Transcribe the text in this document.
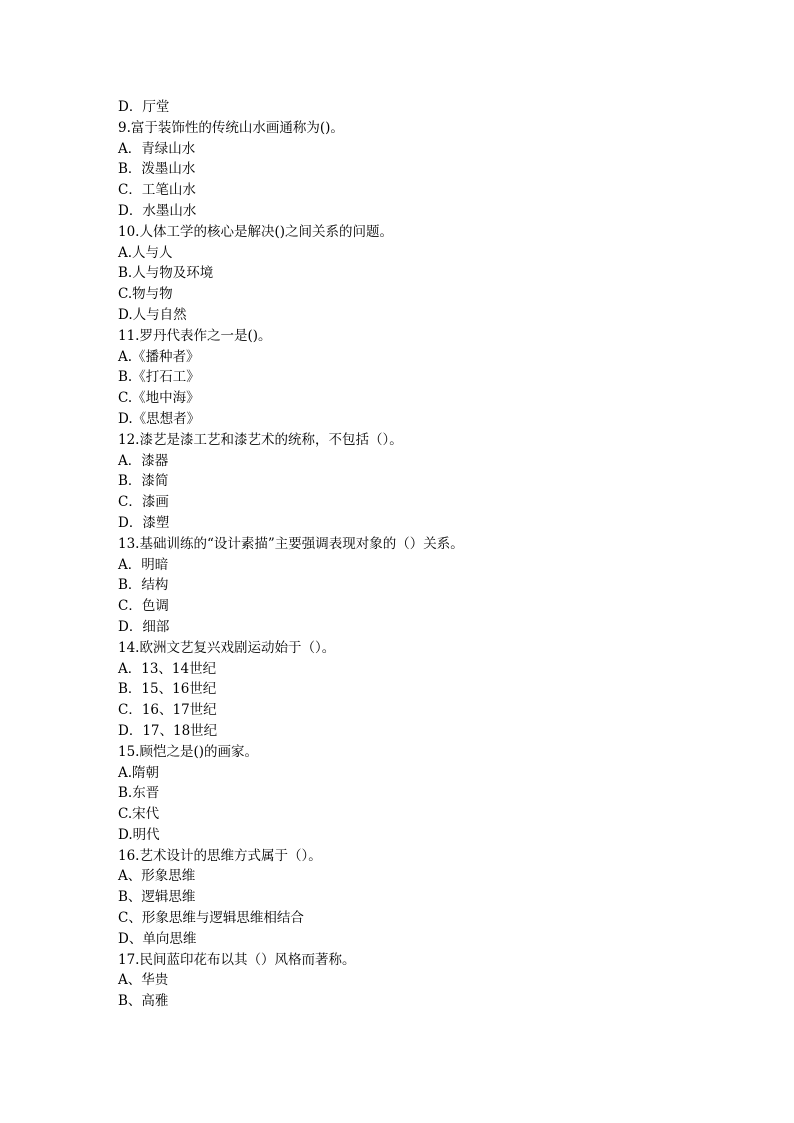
D．厅堂
9.富于装饰性的传统山水画通称为()。
A．青绿山水
B．泼墨山水
C．工笔山水
D．水墨山水
10.人体工学的核心是解决()之间关系的问题。
A.人与人
B.人与物及环境
C.物与物
D.人与自然
11.罗丹代表作之一是()。
A.《播种者》
B.《打石工》
C.《地中海》
D.《思想者》
12.漆艺是漆工艺和漆艺术的统称，不包括（）。
A．漆器
B．漆简
C．漆画
D．漆塑
13.基础训练的“设计素描”主要强调表现对象的（）关系。
A．明暗
B．结构
C．色调
D．细部
14.欧洲文艺复兴戏剧运动始于（）。
A．13、14世纪
B．15、16世纪
C．16、17世纪
D．17、18世纪
15.顾恺之是()的画家。
A.隋朝
B.东晋
C.宋代
D.明代
16.艺术设计的思维方式属于（）。
A、形象思维
B、逻辑思维
C、形象思维与逻辑思维相结合
D、单向思维
17.民间蓝印花布以其（）风格而著称。
A、华贵
B、高雅
